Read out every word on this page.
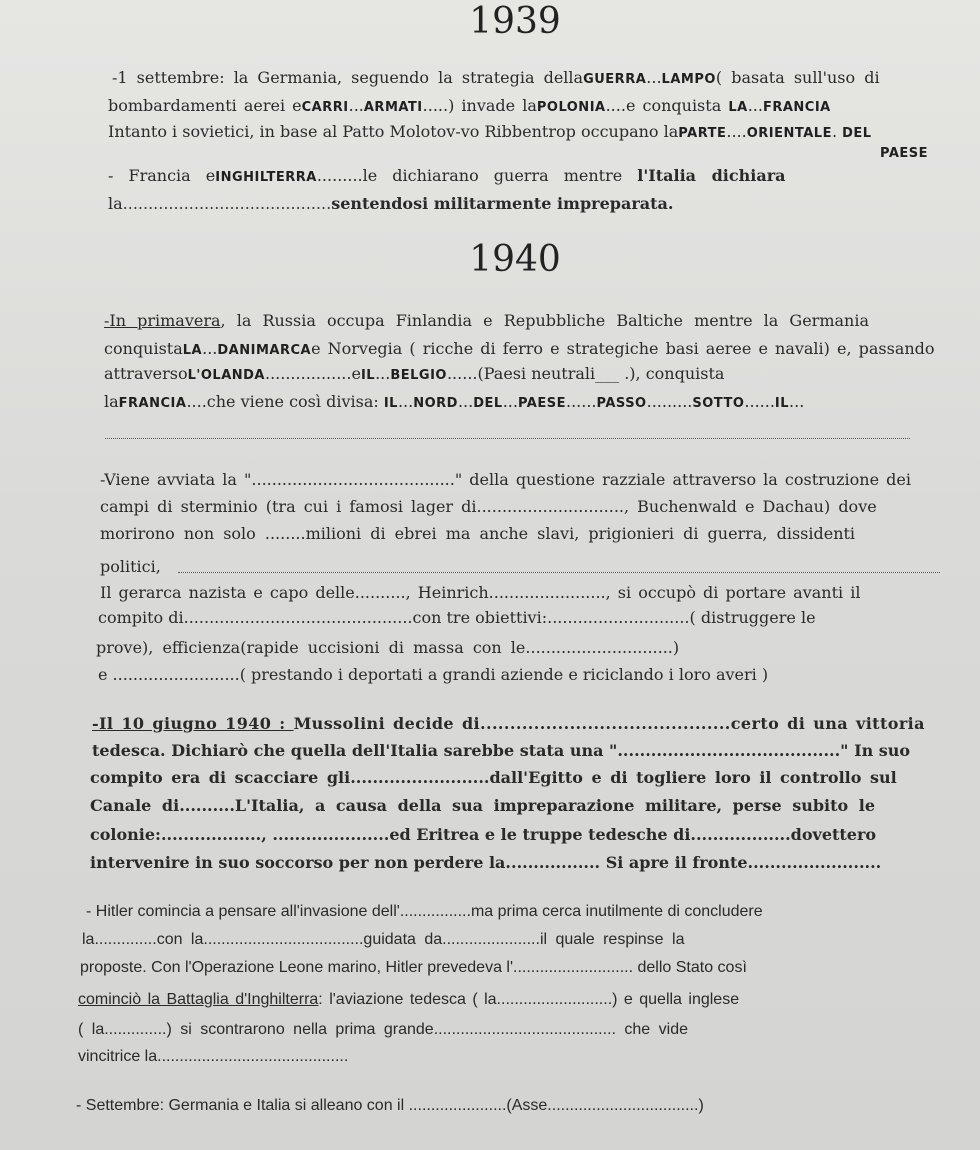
1939
-1 settembre: la Germania, seguendo la strategia dellaGUERRA...LAMPO( basata sull'uso di
bombardamenti aerei eCARRI...ARMATI.....) invade laPOLONIA....e conquista LA...FRANCIA
Intanto i sovietici, in base al Patto Molotov-vo Ribbentrop occupano laPARTE....ORIENTALE. DEL
PAESE
- Francia eINGHILTERRA.........le dichiarano guerra mentre l'Italia dichiara
la.........................................sentendosi militarmente impreparata.
1940
-In primavera, la Russia occupa Finlandia e Repubbliche Baltiche mentre la Germania
conquistaLA...DANIMARCAe Norvegia ( ricche di ferro e strategiche basi aeree e navali) e, passando
attraversoL'OLANDA.................eIL...BELGIO......(Paesi neutrali___ .), conquista
laFRANCIA....che viene così divisa: IL...NORD...DEL...PAESE......PASSO.........SOTTO......IL...
-Viene avviata la "........................................" della questione razziale attraverso la costruzione dei
campi di sterminio (tra cui i famosi lager di............................., Buchenwald e Dachau) dove
morirono non solo ........milioni di ebrei ma anche slavi, prigionieri di guerra, dissidenti
politici,
Il gerarca nazista e capo delle.........., Heinrich......................., si occupò di portare avanti il
compito di.............................................con tre obiettivi:............................( distruggere le
prove), efficienza(rapide uccisioni di massa con le.............................)
e .........................( prestando i deportati a grandi aziende e riciclando i loro averi )
-Il 10 giugno 1940 : Mussolini decide di..........................................certo di una vittoria
tedesca. Dichiarò che quella dell'Italia sarebbe stata una "........................................" In suo
compito era di scacciare gli.........................dall'Egitto e di togliere loro il controllo sul
Canale di..........L'Italia, a causa della sua impreparazione militare, perse subito le
colonie:.................., .....................ed Eritrea e le truppe tedesche di..................dovettero
intervenire in suo soccorso per non perdere la................. Si apre il fronte........................
- Hitler comincia a pensare all'invasione dell'................ma prima cerca inutilmente di concludere
la..............con la....................................guidata da......................il quale respinse la
proposte. Con l'Operazione Leone marino, Hitler prevedeva l'........................... dello Stato così
cominciò la Battaglia d'Inghilterra: l'aviazione tedesca ( la..........................) e quella inglese
( la..............) si scontrarono nella prima grande......................................... che vide
vincitrice la...........................................
- Settembre: Germania e Italia si alleano con il ......................(Asse..................................)
